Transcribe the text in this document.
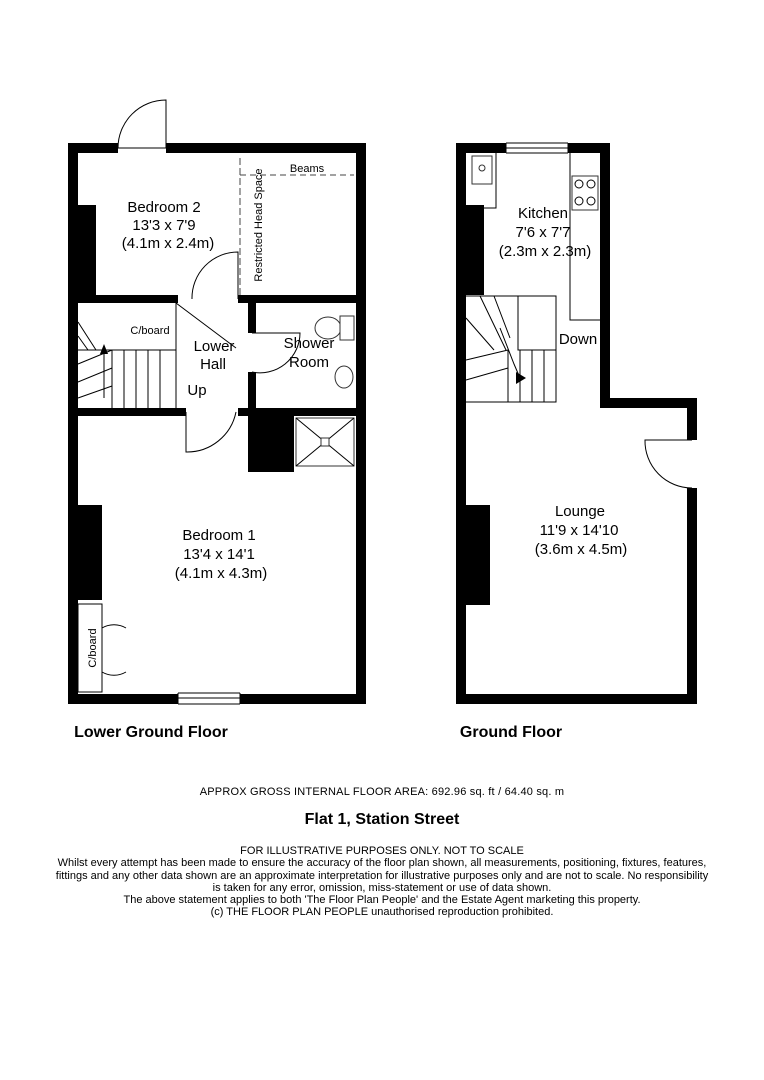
Bedroom 2
13'3 x 7'9
(4.1m x 2.4m)
Beams
Restricted Head Space
C/board
Lower
Hall
Up
Shower
Room
Bedroom 1
13'4 x 14'1
(4.1m x 4.3m)
C/board
Lower Ground Floor
Kitchen
7'6 x 7'7
(2.3m x 2.3m)
Down
Lounge
11'9 x 14'10
(3.6m x 4.5m)
Ground Floor
APPROX GROSS INTERNAL FLOOR AREA: 692.96 sq. ft / 64.40 sq. m
Flat 1, Station Street
FOR ILLUSTRATIVE PURPOSES ONLY. NOT TO SCALE
Whilst every attempt has been made to ensure the accuracy of the floor plan shown, all measurements, positioning, fixtures, features,
fittings and any other data shown are an approximate interpretation for illustrative purposes only and are not to scale. No responsibility
is taken for any error, omission, miss-statement or use of data shown.
The above statement applies to both 'The Floor Plan People' and the Estate Agent marketing this property.
(c) THE FLOOR PLAN PEOPLE unauthorised reproduction prohibited.
